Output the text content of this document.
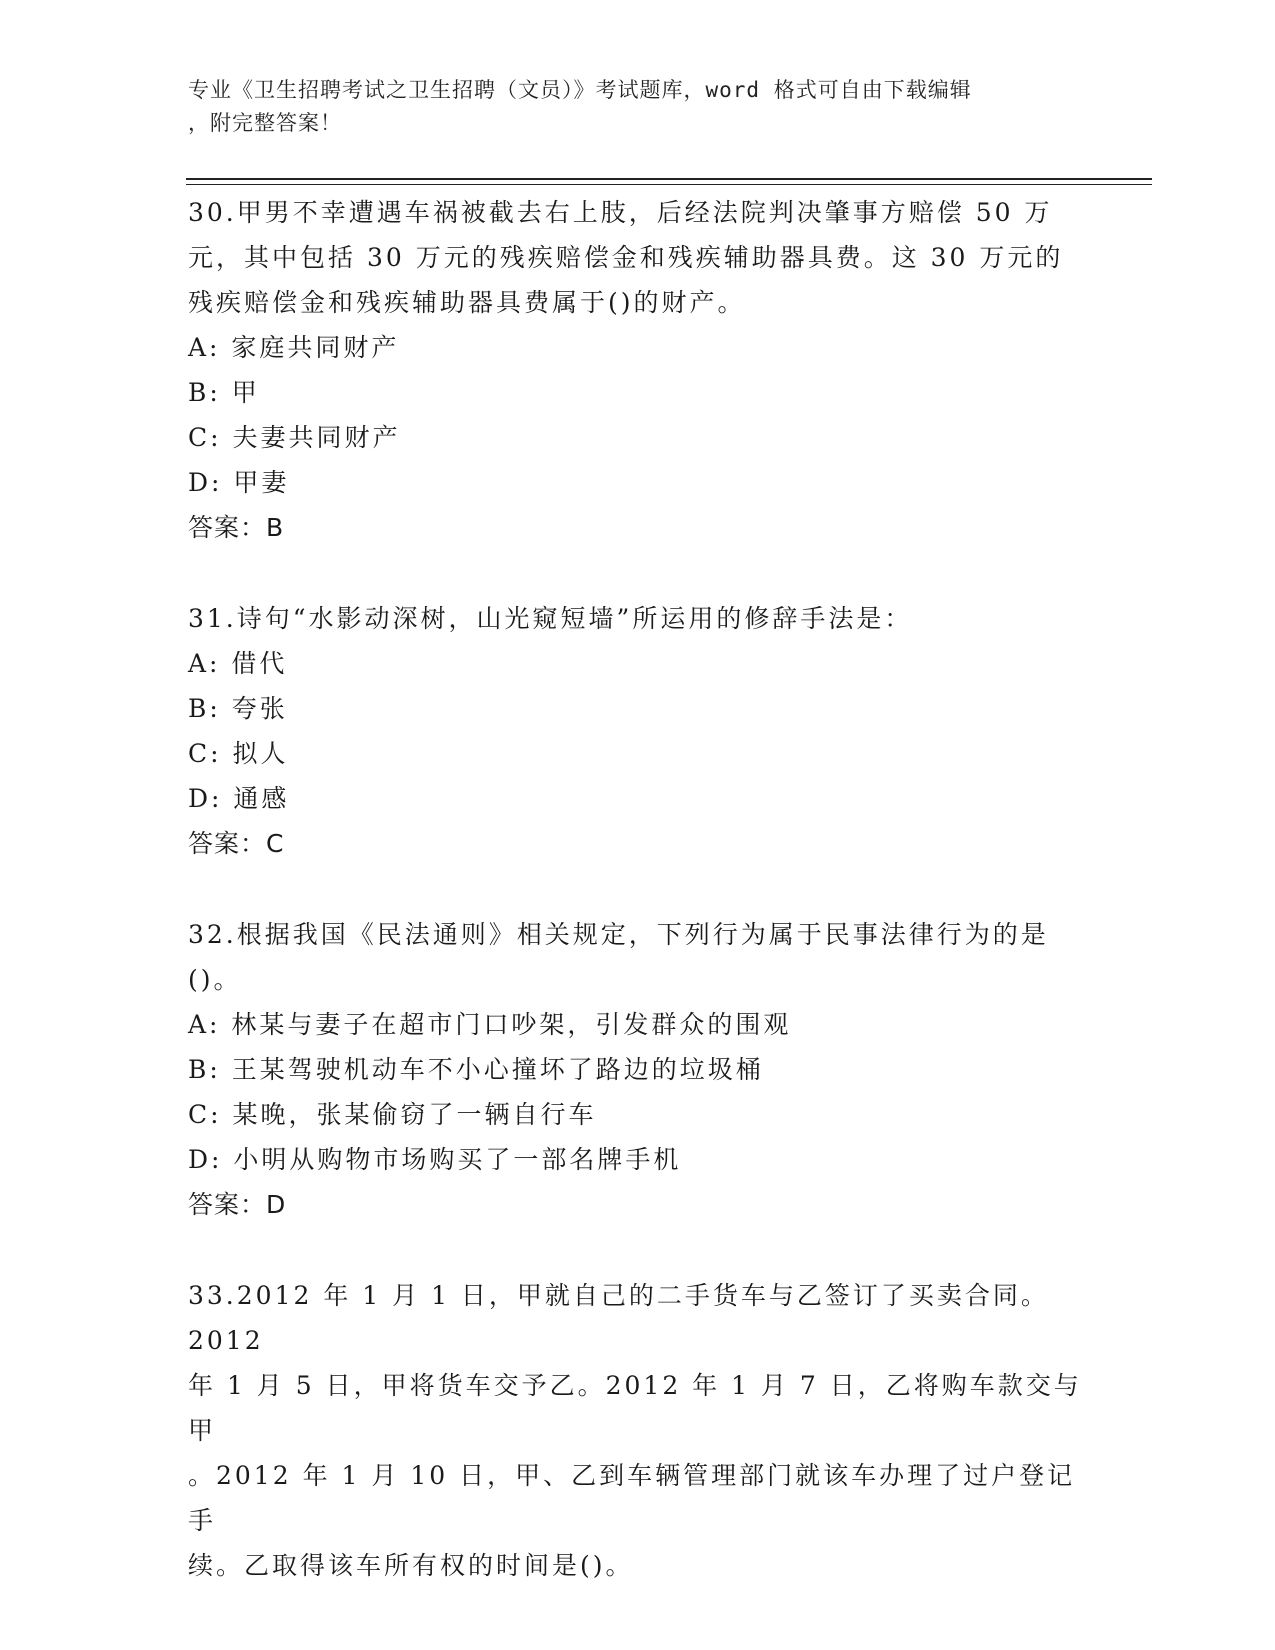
专业《卫生招聘考试之卫生招聘（文员）》考试题库，word 格式可自由下载编辑
，附完整答案！
30.甲男不幸遭遇车祸被截去右上肢，后经法院判决肇事方赔偿 50 万
元，其中包括 30 万元的残疾赔偿金和残疾辅助器具费。这 30 万元的
残疾赔偿金和残疾辅助器具费属于()的财产。
A: 家庭共同财产
B: 甲
C: 夫妻共同财产
D: 甲妻
答案：B
31.诗句“水影动深树，山光窥短墙”所运用的修辞手法是：
A: 借代
B: 夸张
C: 拟人
D: 通感
答案：C
32.根据我国《民法通则》相关规定，下列行为属于民事法律行为的是
()。
A: 林某与妻子在超市门口吵架，引发群众的围观
B: 王某驾驶机动车不小心撞坏了路边的垃圾桶
C: 某晚，张某偷窃了一辆自行车
D: 小明从购物市场购买了一部名牌手机
答案：D
33.2012 年 1 月 1 日，甲就自己的二手货车与乙签订了买卖合同。2012
年 1 月 5 日，甲将货车交予乙。2012 年 1 月 7 日，乙将购车款交与甲
。2012 年 1 月 10 日，甲、乙到车辆管理部门就该车办理了过户登记手
续。乙取得该车所有权的时间是()。
